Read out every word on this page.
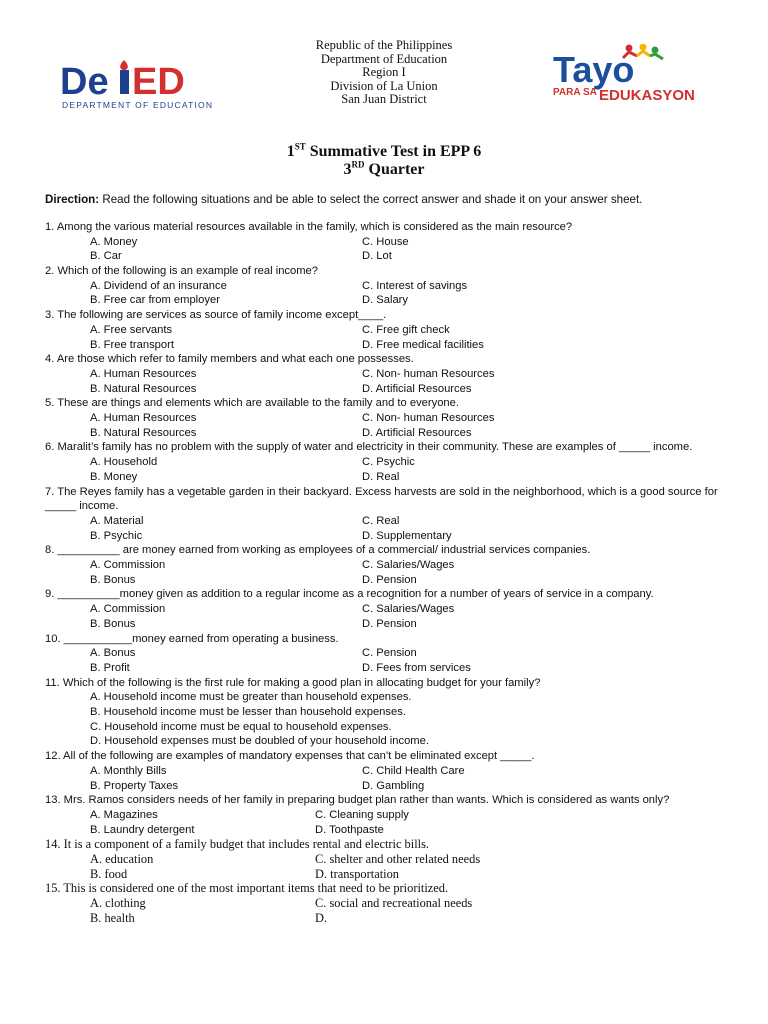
De ED
DEPARTMENT OF EDUCATION
Republic of the Philippines
Department of Education
Region I
Division of La Union
San Juan District
Tayo
PARA SA EDUKASYON
1ST Summative Test in EPP 6
3RD Quarter
Direction: Read the following situations and be able to select the correct answer and shade it on your answer sheet.
1. Among the various material resources available in the family, which is considered as the main resource?
A. Money	C. House
B. Car	D. Lot
2. Which of the following is an example of real income?
A. Dividend of an insurance	C. Interest of savings
B. Free car from employer	D. Salary
3. The following are services as source of family income except____.
A. Free servants	C. Free gift check
B. Free transport	D. Free medical facilities
4. Are those which refer to family members and what each one possesses.
A. Human Resources	C. Non- human Resources
B. Natural Resources	D. Artificial Resources
5. These are things and elements which are available to the family and to everyone.
A. Human Resources	C. Non- human Resources
B. Natural Resources	D. Artificial Resources
6. Maralit’s family has no problem with the supply of water and electricity in their community. These are examples of _____ income.
A. Household	C. Psychic
B. Money	D. Real
7. The Reyes family has a vegetable garden in their backyard. Excess harvests are sold in the neighborhood, which is a good source for _____ income.
A. Material	C. Real
B. Psychic	D. Supplementary
8. __________ are money earned from working as employees of a commercial/ industrial services companies.
A. Commission	C. Salaries/Wages
B. Bonus	D. Pension
9. __________money given as addition to a regular income as a recognition for a number of years of service in a company.
A. Commission	C. Salaries/Wages
B. Bonus	D. Pension
10. ___________money earned from operating a business.
A. Bonus	C. Pension
B. Profit	D. Fees from services
11. Which of the following is the first rule for making a good plan in allocating budget for your family?
A. Household income must be greater than household expenses.
B. Household income must be lesser than household expenses.
C. Household income must be equal to household expenses.
D. Household expenses must be doubled of your household income.
12. All of the following are examples of mandatory expenses that can’t be eliminated except _____.
A. Monthly Bills	C. Child Health Care
B. Property Taxes	D. Gambling
13. Mrs. Ramos considers needs of her family in preparing budget plan rather than wants. Which is considered as wants only?
A. Magazines	C. Cleaning supply
B. Laundry detergent	D. Toothpaste
14. It is a component of a family budget that includes rental and electric bills.
A. education	C. shelter and other related needs
B. food	D. transportation
15. This is considered one of the most important items that need to be prioritized.
A. clothing	C. social and recreational needs
B. health	D.
